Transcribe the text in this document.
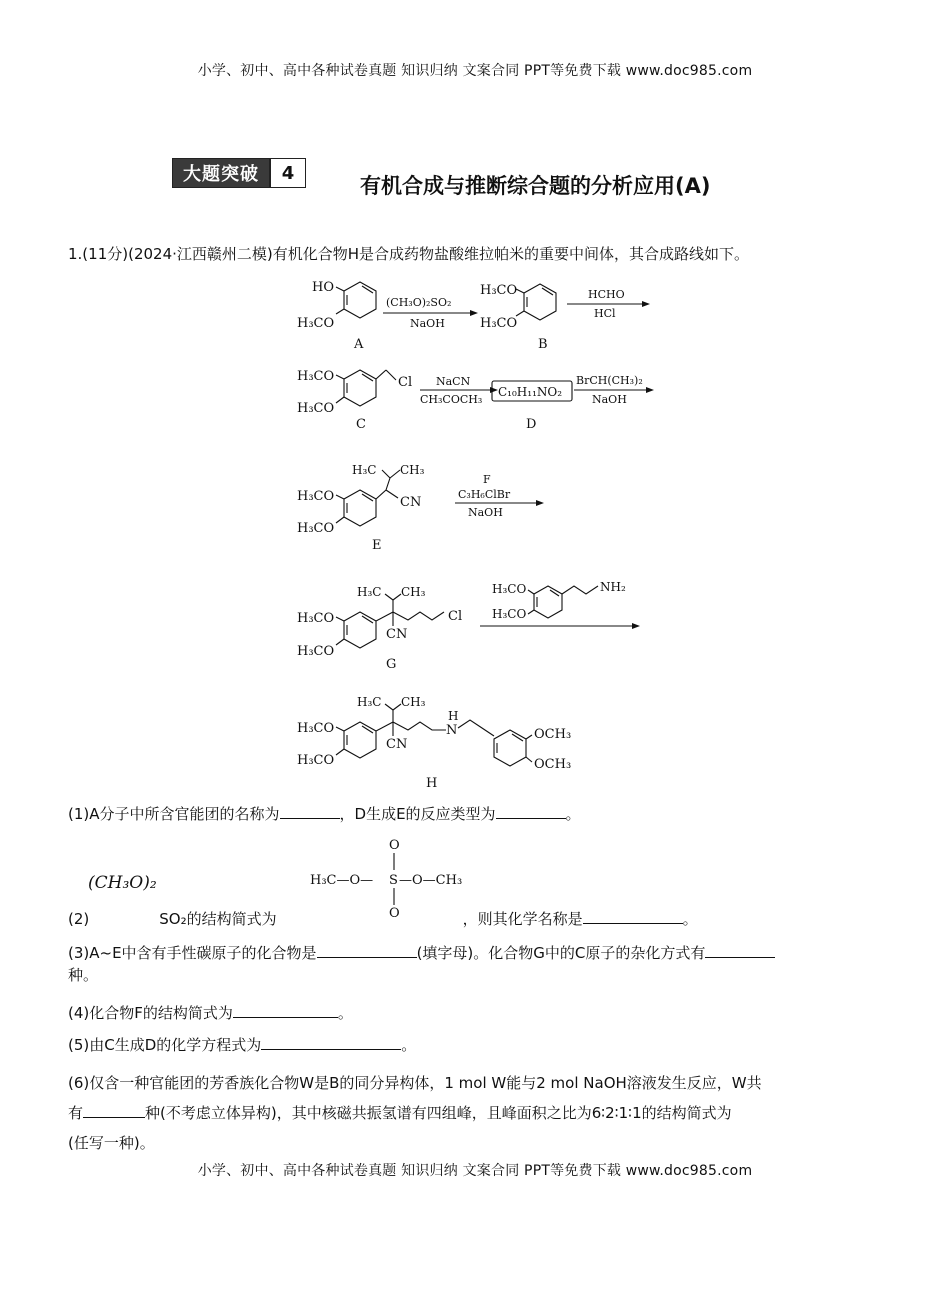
小学、初中、高中各种试卷真题 知识归纳 文案合同 PPT等免费下载 www.doc985.com
大题突破	4
有机合成与推断综合题的分析应用(A)
1.(11分)(2024·江西赣州二模)有机化合物H是合成药物盐酸维拉帕米的重要中间体，其合成路线如下。
HO
H₃CO
A
(CH₃O)₂SO₂
NaOH
H₃CO
H₃CO
B
HCHO
HCl
H₃CO
H₃CO
Cl
C
NaCN
CH₃COCH₃
C₁₀H₁₁NO₂
D
BrCH(CH₃)₂
NaOH
H₃C CH₃
H₃CO
H₃CO
CN
E
F
C₃H₆ClBr
NaOH
H₃C CH₃
H₃CO
H₃CO
CN
Cl
G
H₃CO
H₃CO
NH₂
H₃C CH₃
H₃CO
H₃CO
CN
H
N	OCH₃
OCH₃
H
(CH₃O)₂	H₃C—O— S —O—CH₃
O
O
(1)A分子中所含官能团的名称为	，D生成E的反应类型为	。
(2)	SO₂的结构简式为	，则其化学名称是	。
(3)A~E中含有手性碳原子的化合物是	(填字母)。化合物G中的C原子的杂化方式有
种。
(4)化合物F的结构简式为	。
(5)由C生成D的化学方程式为	。
(6)仅含一种官能团的芳香族化合物W是B的同分异构体，1 mol W能与2 mol NaOH溶液发生反应，W共
有	种(不考虑立体异构)，其中核磁共振氢谱有四组峰，且峰面积之比为6∶2∶1∶1的结构简式为
(任写一种)。
小学、初中、高中各种试卷真题 知识归纳 文案合同 PPT等免费下载 www.doc985.com
